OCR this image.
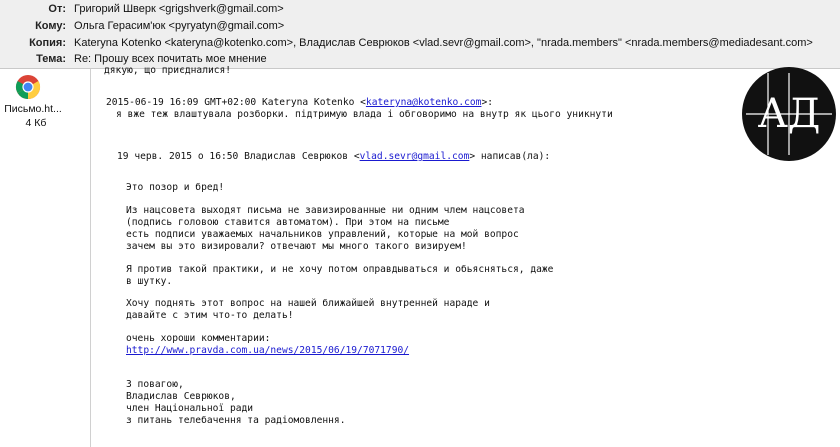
От: Григорий Шверк <grigshverk@gmail.com>
Кому: Ольга Герасим'юк <pyryatyn@gmail.com>
Копия: Kateryna Kotenko <kateryna@kotenko.com>, Владислав Севрюков <vlad.sevr@gmail.com>, "nrada.members" <nrada.members@mediadesant.com>
Тема: Re: Прошу всех почитать мое мнение
Письмо.ht...
4 Кб
дякую, що приєдналися!
2015-06-19 16:09 GMT+02:00 Kateryna Kotenko <kateryna@kotenko.com>:
я вже теж влаштувала розборки. підтримую влада і обговоримо на внутр як цього уникнути
19 черв. 2015 о 16:50 Владислав Севрюков <vlad.sevr@gmail.com> написав(ла):
Это позор и бред!
Из нацсовета выходят письма не завизированные ни одним члем нацсовета
(подпись головою ставится автоматом). При этом на письме
есть подписи уважаемых начальников управлений, которые на мой вопрос
зачем вы это визировали? отвечают мы много такого визируем!
Я против такой практики, и не хочу потом оправдываться и обьясняться, даже
в шутку.
Хочу поднять этот вопрос на нашей ближайшей внутренней нараде и
давайте с этим что-то делать!
очень хороши комментарии:
http://www.pravda.com.ua/news/2015/06/19/7071790/
З повагою,
Владислав Севрюков,
член Національної ради
з питань телебачення та радіомовлення.
АД
